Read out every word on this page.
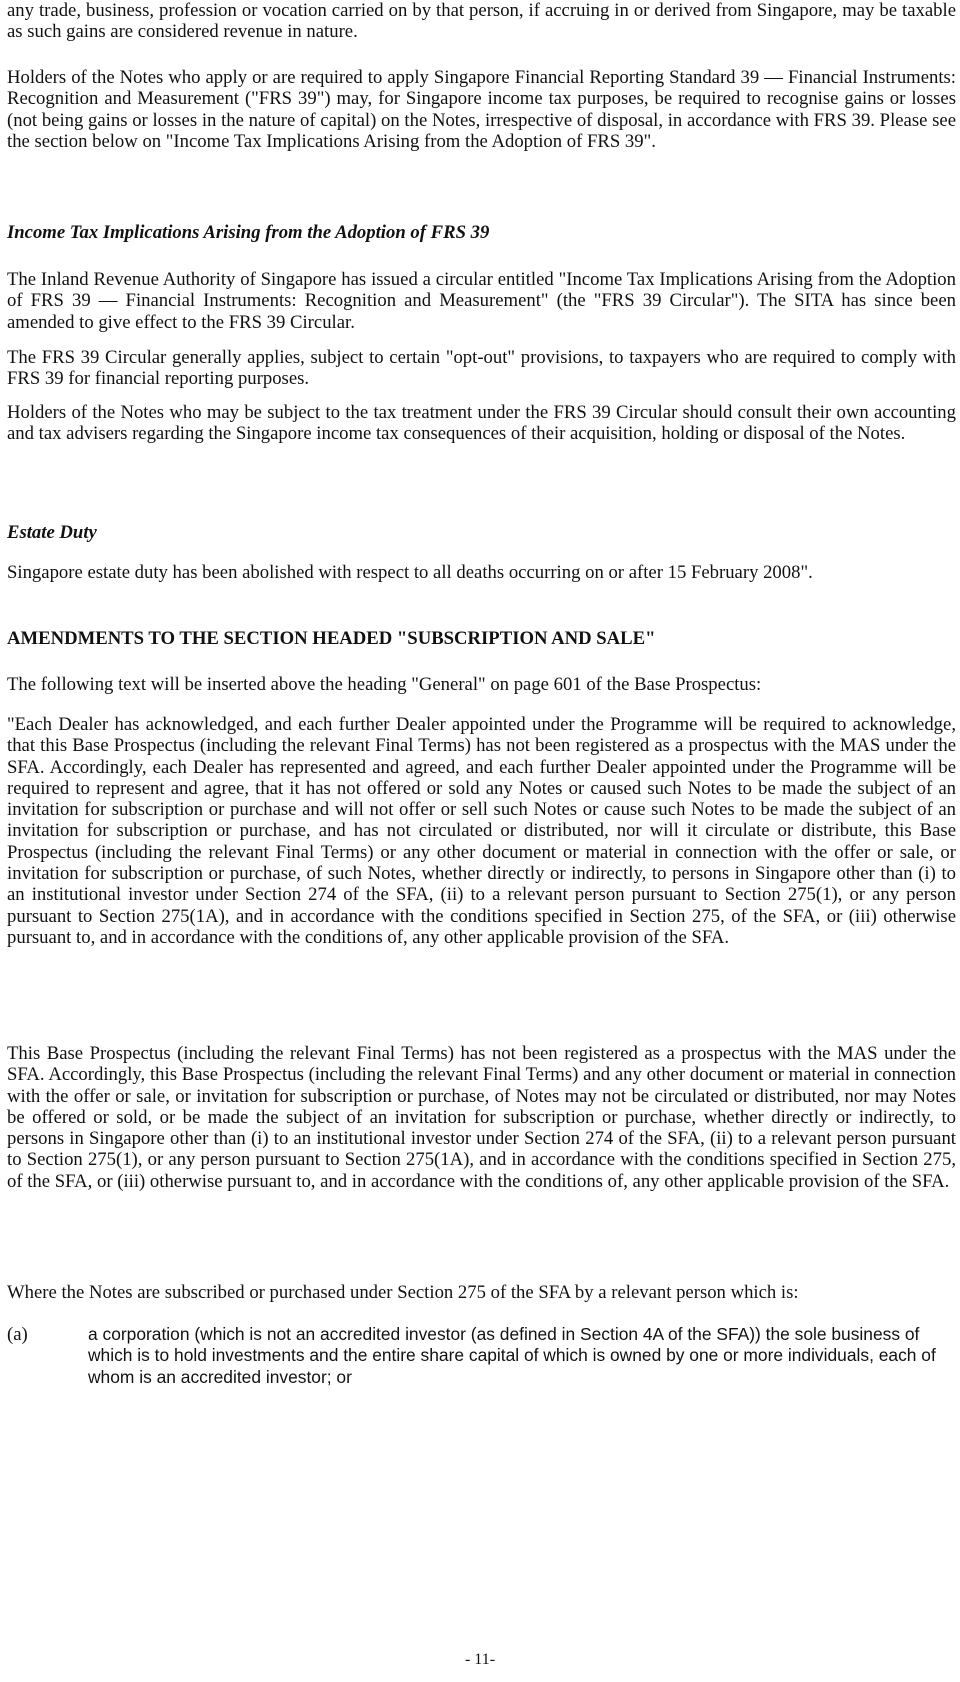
any trade, business, profession or vocation carried on by that person, if accruing in or derived from Singapore, may be taxable as such gains are considered revenue in nature.

Holders of the Notes who apply or are required to apply Singapore Financial Reporting Standard 39 — Financial Instruments: Recognition and Measurement ("FRS 39") may, for Singapore income tax purposes, be required to recognise gains or losses (not being gains or losses in the nature of capital) on the Notes, irrespective of disposal, in accordance with FRS 39. Please see the section below on "Income Tax Implications Arising from the Adoption of FRS 39".

Income Tax Implications Arising from the Adoption of FRS 39

The Inland Revenue Authority of Singapore has issued a circular entitled "Income Tax Implications Arising from the Adoption of FRS 39 — Financial Instruments: Recognition and Measurement" (the "FRS 39 Circular"). The SITA has since been amended to give effect to the FRS 39 Circular.

The FRS 39 Circular generally applies, subject to certain "opt-out" provisions, to taxpayers who are required to comply with FRS 39 for financial reporting purposes.

Holders of the Notes who may be subject to the tax treatment under the FRS 39 Circular should consult their own accounting and tax advisers regarding the Singapore income tax consequences of their acquisition, holding or disposal of the Notes.

Estate Duty

Singapore estate duty has been abolished with respect to all deaths occurring on or after 15 February 2008".

AMENDMENTS TO THE SECTION HEADED "SUBSCRIPTION AND SALE"

The following text will be inserted above the heading "General" on page 601 of the Base Prospectus:

"Each Dealer has acknowledged, and each further Dealer appointed under the Programme will be required to acknowledge, that this Base Prospectus (including the relevant Final Terms) has not been registered as a prospectus with the MAS under the SFA. Accordingly, each Dealer has represented and agreed, and each further Dealer appointed under the Programme will be required to represent and agree, that it has not offered or sold any Notes or caused such Notes to be made the subject of an invitation for subscription or purchase and will not offer or sell such Notes or cause such Notes to be made the subject of an invitation for subscription or purchase, and has not circulated or distributed, nor will it circulate or distribute, this Base Prospectus (including the relevant Final Terms) or any other document or material in connection with the offer or sale, or invitation for subscription or purchase, of such Notes, whether directly or indirectly, to persons in Singapore other than (i) to an institutional investor under Section 274 of the SFA, (ii) to a relevant person pursuant to Section 275(1), or any person pursuant to Section 275(1A), and in accordance with the conditions specified in Section 275, of the SFA, or (iii) otherwise pursuant to, and in accordance with the conditions of, any other applicable provision of the SFA.

This Base Prospectus (including the relevant Final Terms) has not been registered as a prospectus with the MAS under the SFA. Accordingly, this Base Prospectus (including the relevant Final Terms) and any other document or material in connection with the offer or sale, or invitation for subscription or purchase, of Notes may not be circulated or distributed, nor may Notes be offered or sold, or be made the subject of an invitation for subscription or purchase, whether directly or indirectly, to persons in Singapore other than (i) to an institutional investor under Section 274 of the SFA, (ii) to a relevant person pursuant to Section 275(1), or any person pursuant to Section 275(1A), and in accordance with the conditions specified in Section 275, of the SFA, or (iii) otherwise pursuant to, and in accordance with the conditions of, any other applicable provision of the SFA.

Where the Notes are subscribed or purchased under Section 275 of the SFA by a relevant person which is:

(a)	a corporation (which is not an accredited investor (as defined in Section 4A of the SFA)) the sole business of which is to hold investments and the entire share capital of which is owned by one or more individuals, each of whom is an accredited investor; or

- 11-
